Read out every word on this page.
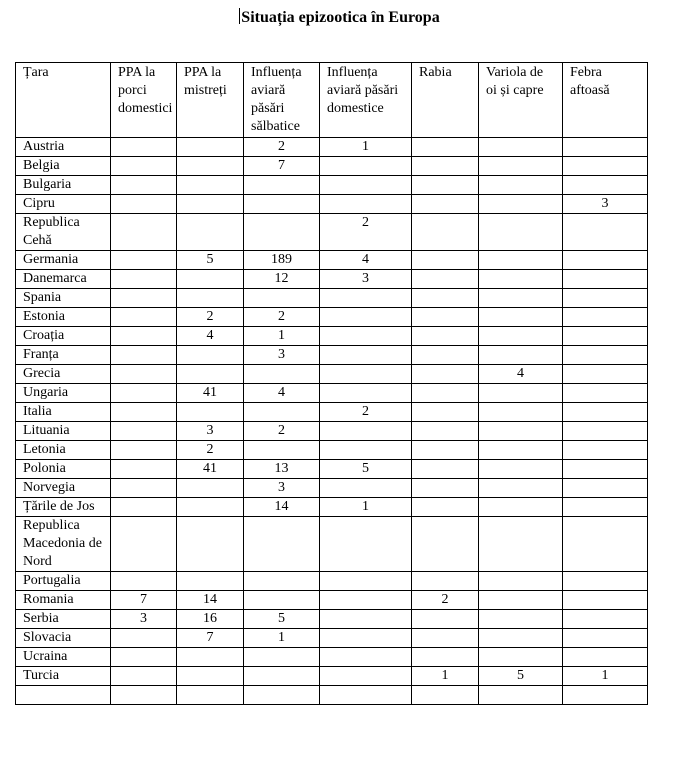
Situația epizootica în Europa
Țara	PPA la porci domestici	PPA la mistreți	Influența aviară păsări sălbatice	Influența aviară păsări domestice	Rabia	Variola de oi și capre	Febra aftoasă
Austria			2	1			
Belgia			7				
Bulgaria							
Cipru							3
Republica Cehă				2			
Germania		5	189	4			
Danemarca			12	3			
Spania							
Estonia		2	2				
Croația		4	1				
Franța			3				
Grecia						4	
Ungaria		41	4				
Italia				2			
Lituania		3	2				
Letonia		2					
Polonia		41	13	5			
Norvegia			3				
Țările de Jos			14	1			
Republica Macedonia de Nord							
Portugalia							
Romania	7	14			2		
Serbia	3	16	5				
Slovacia		7	1				
Ucraina							
Turcia					1	5	1
